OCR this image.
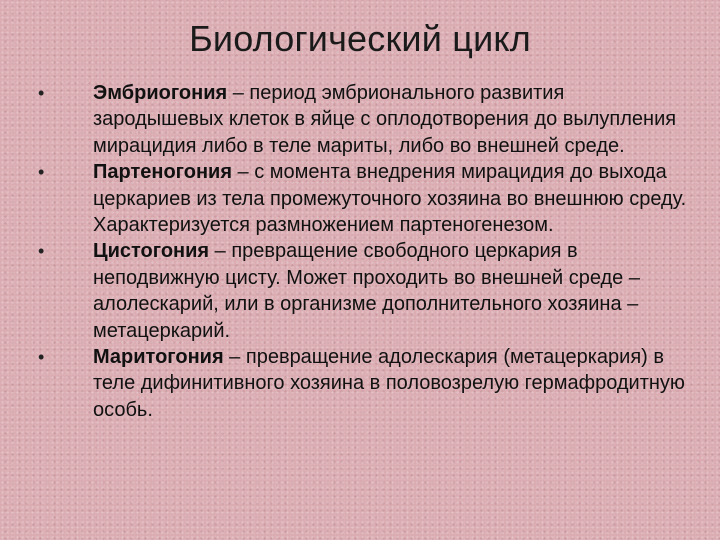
Биологический цикл
• Эмбриогония – период эмбрионального развития зародышевых клеток в яйце с оплодотворения до вылупления мирацидия либо в теле мариты, либо во внешней среде.
• Партеногония – с момента внедрения мирацидия до выхода церкариев из тела промежуточного хозяина во внешнюю среду. Характеризуется размножением партеногенезом.
• Цистогония – превращение свободного церкария в неподвижную цисту. Может проходить во внешней среде – алолескарий, или в организме дополнительного хозяина – метацеркарий.
• Маритогония – превращение адолескария (метацеркария) в теле дифинитивного хозяина в половозрелую гермафродитную особь.
